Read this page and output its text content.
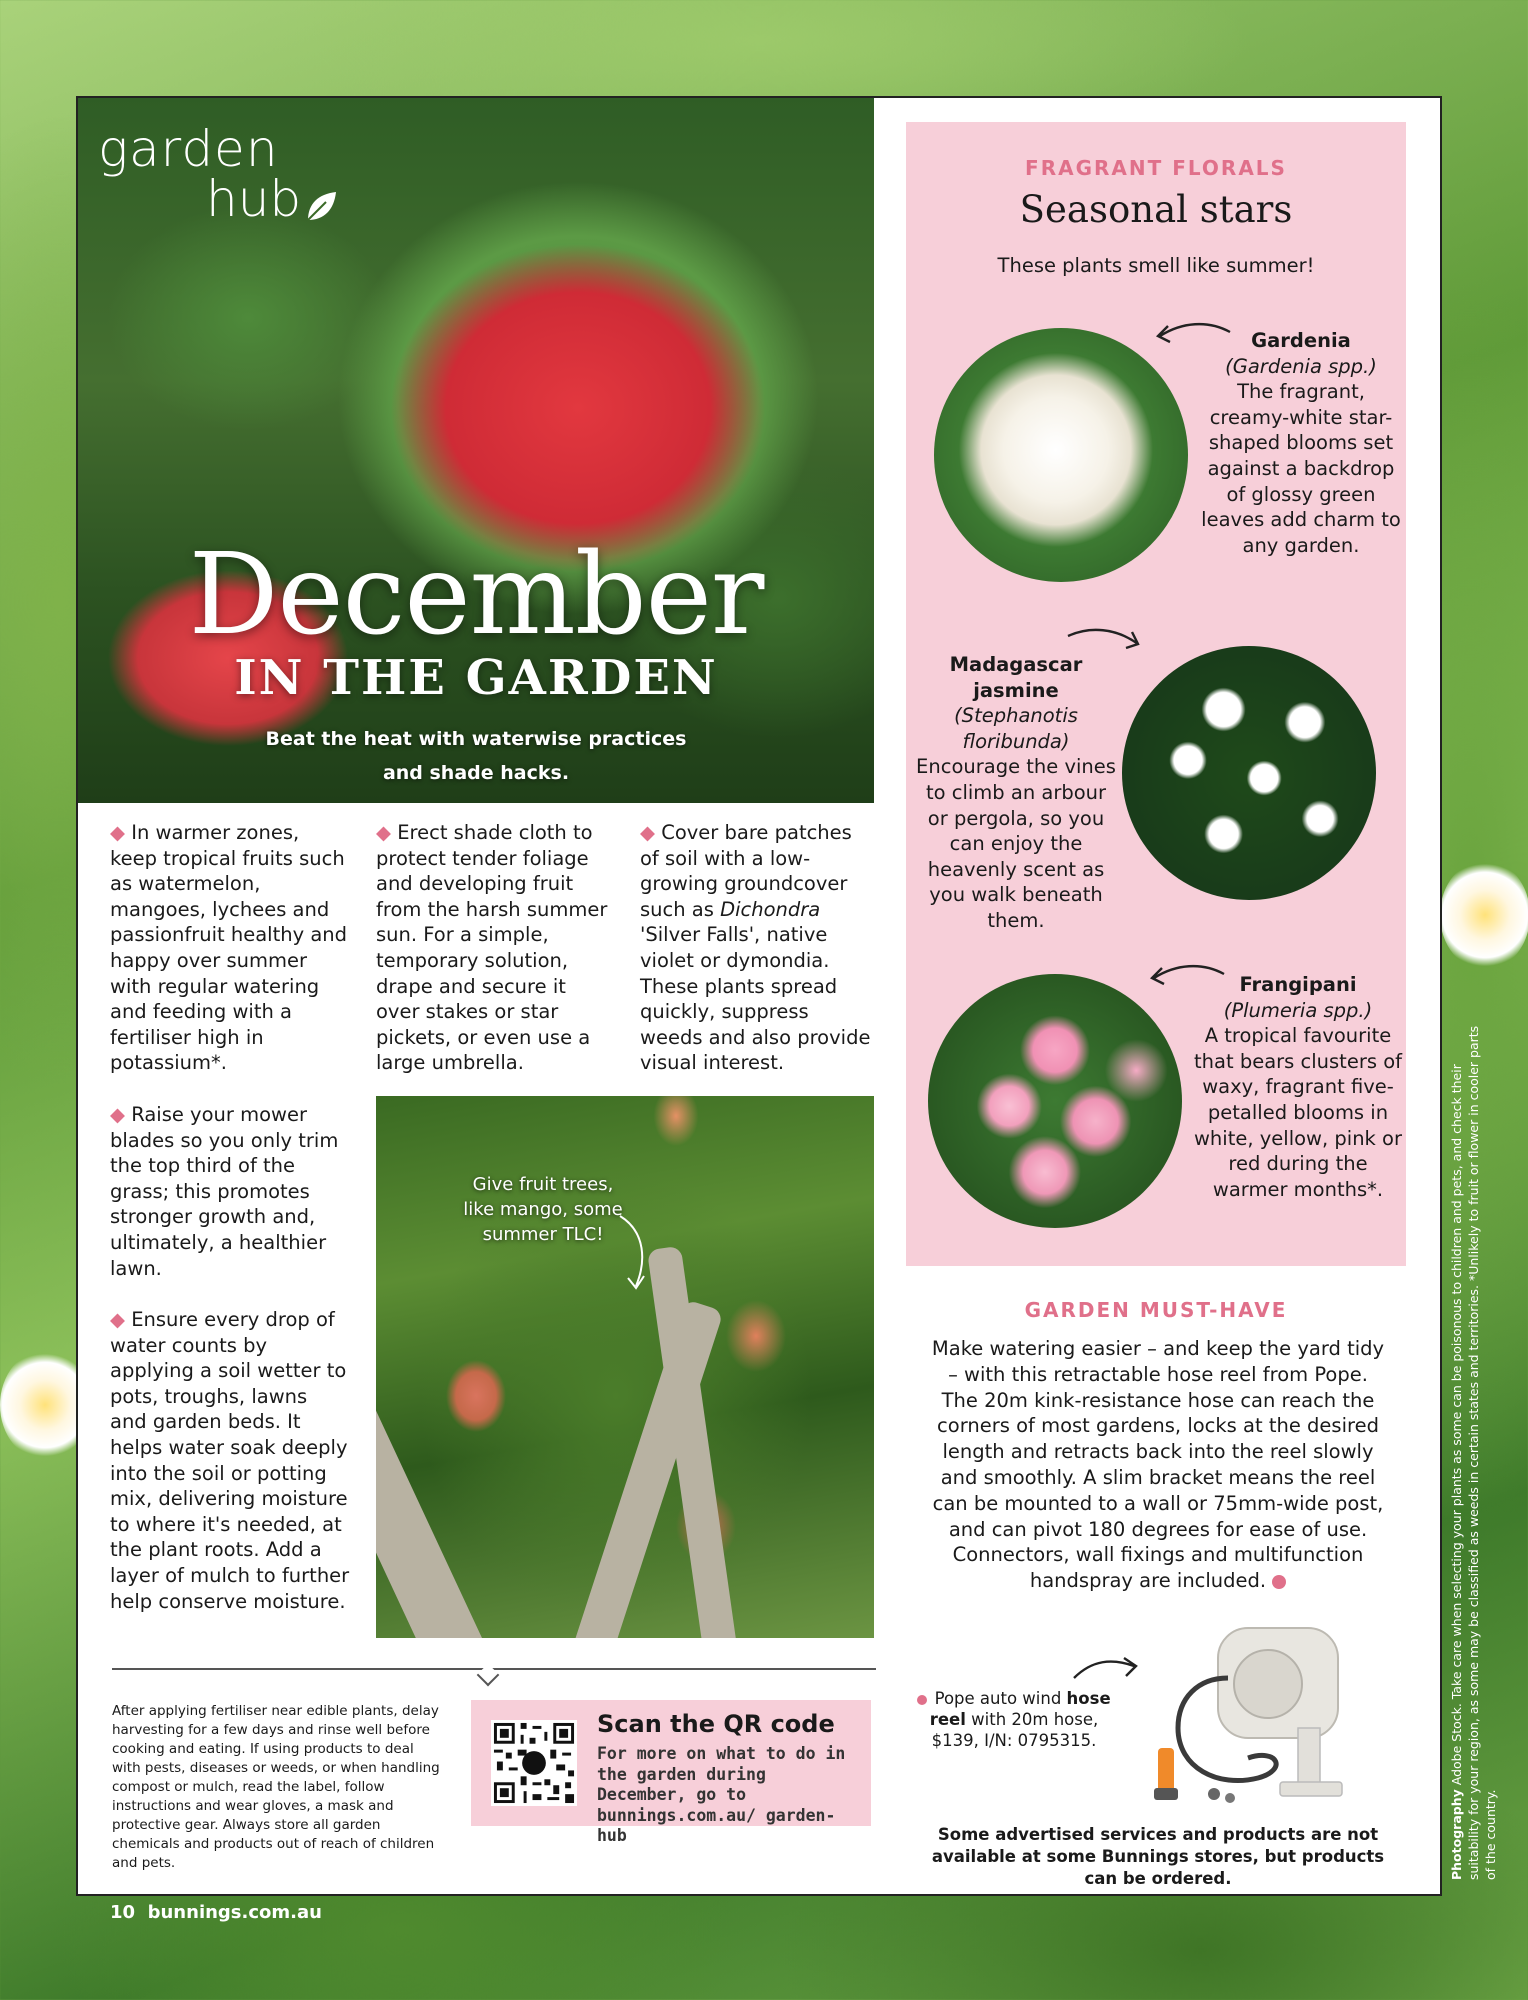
garden
hub
December
IN THE GARDEN
Beat the heat with waterwise practices
and shade hacks.

◆ In warmer zones, keep tropical fruits such as watermelon, mangoes, lychees and passionfruit healthy and happy over summer with regular watering and feeding with a fertiliser high in potassium*.

◆ Raise your mower blades so you only trim the top third of the grass; this promotes stronger growth and, ultimately, a healthier lawn.

◆ Ensure every drop of water counts by applying a soil wetter to pots, troughs, lawns and garden beds. It helps water soak deeply into the soil or potting mix, delivering moisture to where it's needed, at the plant roots. Add a layer of mulch to further help conserve moisture.

◆ Erect shade cloth to protect tender foliage and developing fruit from the harsh summer sun. For a simple, temporary solution, drape and secure it over stakes or star pickets, or even use a large umbrella.

◆ Cover bare patches of soil with a low-growing groundcover such as Dichondra 'Silver Falls', native violet or dymondia. These plants spread quickly, suppress weeds and also provide visual interest.

Give fruit trees,
like mango, some
summer TLC!
FRAGRANT FLORALS
Seasonal stars
These plants smell like summer!
Gardenia
(Gardenia spp.)
The fragrant, creamy-white star-shaped blooms set against a backdrop of glossy green leaves add charm to any garden.
Madagascar jasmine
(Stephanotis floribunda)
Encourage the vines to climb an arbour or pergola, so you can enjoy the heavenly scent as you walk beneath them.
Frangipani
(Plumeria spp.)
A tropical favourite that bears clusters of waxy, fragrant five-petalled blooms in white, yellow, pink or red during the warmer months*.
GARDEN MUST-HAVE
Make watering easier – and keep the yard tidy – with this retractable hose reel from Pope. The 20m kink-resistance hose can reach the corners of most gardens, locks at the desired length and retracts back into the reel slowly and smoothly. A slim bracket means the reel can be mounted to a wall or 75mm-wide post, and can pivot 180 degrees for ease of use. Connectors, wall fixings and multifunction handspray are included.
Pope auto wind hose reel with 20m hose, $139, I/N: 0795315.
Some advertised services and products are not available at some Bunnings stores, but products can be ordered.
After applying fertiliser near edible plants, delay harvesting for a few days and rinse well before cooking and eating. If using products to deal with pests, diseases or weeds, or when handling compost or mulch, read the label, follow instructions and wear gloves, a mask and protective gear. Always store all garden chemicals and products out of reach of children and pets.
Scan the QR code
For more on what to do in the garden during December, go to bunnings.com.au/ garden-hub
10 bunnings.com.au
Photography Adobe Stock. Take care when selecting your plants as some can be poisonous to children and pets, and check their suitability for your region, as some may be classified as weeds in certain states and territories. *Unlikely to fruit or flower in cooler parts of the country.
